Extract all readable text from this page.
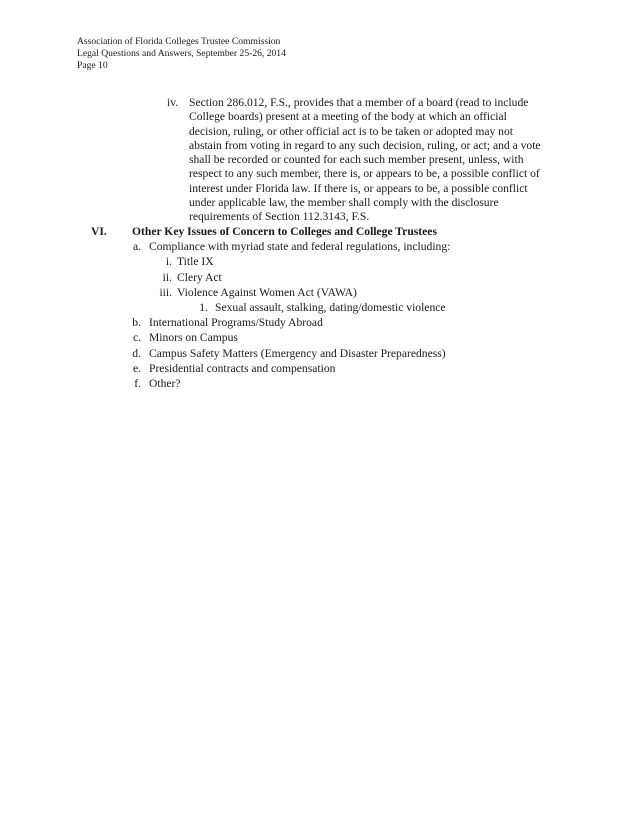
Association of Florida Colleges Trustee Commission
Legal Questions and Answers, September 25-26, 2014
Page 10
iv. Section 286.012, F.S., provides that a member of a board (read to include College boards) present at a meeting of the body at which an official decision, ruling, or other official act is to be taken or adopted may not abstain from voting in regard to any such decision, ruling, or act; and a vote shall be recorded or counted for each such member present, unless, with respect to any such member, there is, or appears to be, a possible conflict of interest under Florida law. If there is, or appears to be, a possible conflict under applicable law, the member shall comply with the disclosure requirements of Section 112.3143, F.S.
VI. Other Key Issues of Concern to Colleges and College Trustees
a. Compliance with myriad state and federal regulations, including:
i. Title IX
ii. Clery Act
iii. Violence Against Women Act (VAWA)
1. Sexual assault, stalking, dating/domestic violence
b. International Programs/Study Abroad
c. Minors on Campus
d. Campus Safety Matters (Emergency and Disaster Preparedness)
e. Presidential contracts and compensation
f. Other?
